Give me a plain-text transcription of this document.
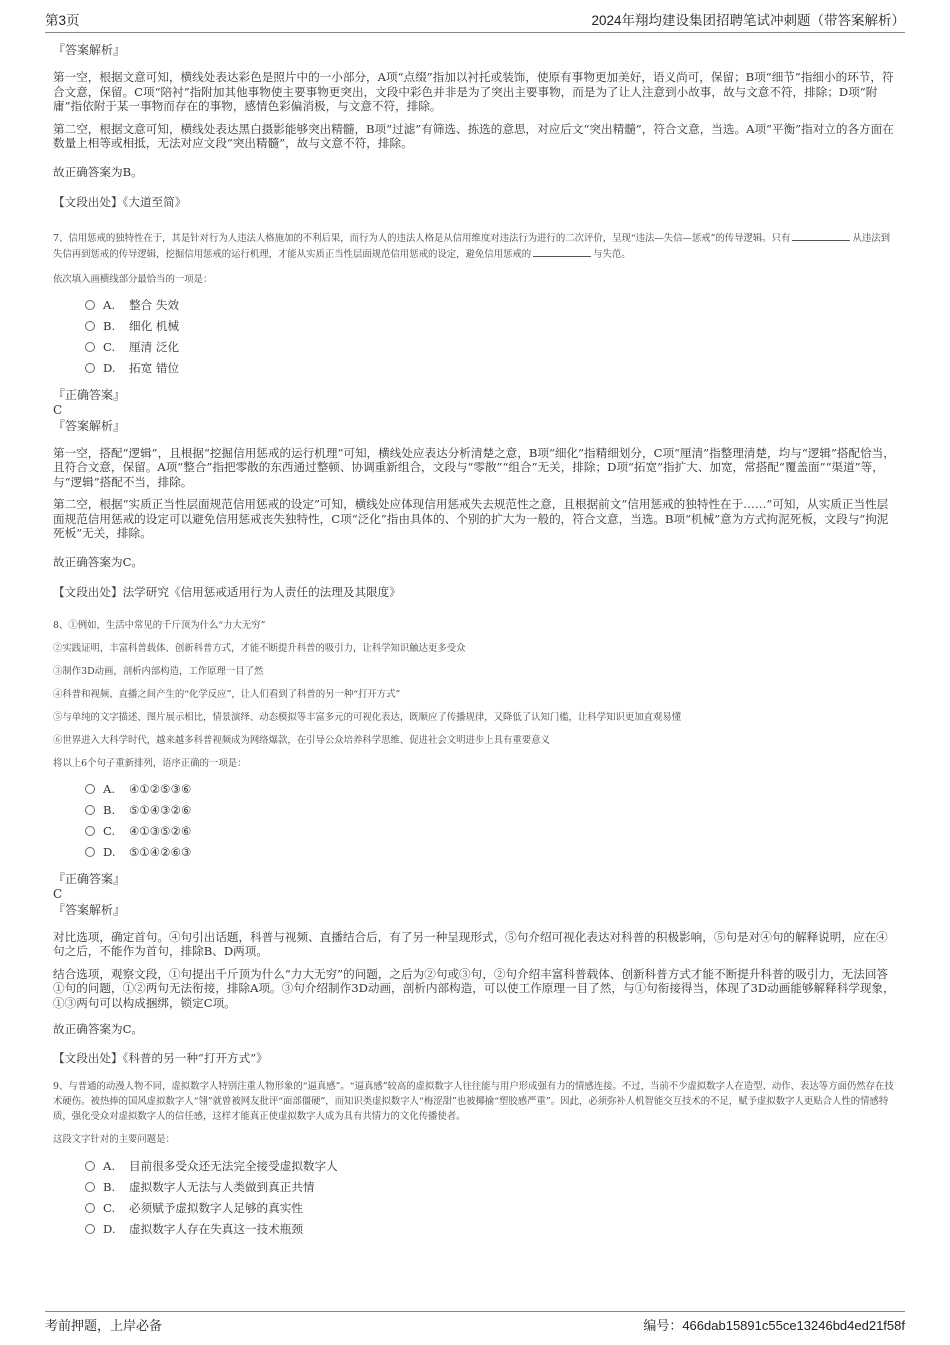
第3页	2024年翔均建设集团招聘笔试冲刺题（带答案解析）

『答案解析』

第一空，根据文意可知，横线处表达彩色是照片中的一小部分，A项“点缀”指加以衬托或装饰，使原有事物更加美好，语义尚可，保留；B项“细节”指细小的环节，符合文意，保留。C项“陪衬”指附加其他事物使主要事物更突出，文段中彩色并非是为了突出主要事物，而是为了让人注意到小故事，故与文意不符，排除；D项“附庸”指依附于某一事物而存在的事物，感情色彩偏消极，与文意不符，排除。

第二空，根据文意可知，横线处表达黑白摄影能够突出精髓，B项“过滤”有筛选、拣选的意思，对应后文“突出精髓”，符合文意，当选。A项“平衡”指对立的各方面在数量上相等或相抵，无法对应文段“突出精髓”，故与文意不符，排除。

故正确答案为B。

【文段出处】《大道至简》

7、信用惩戒的独特性在于，其是针对行为人违法人格施加的不利后果，而行为人的违法人格是从信用维度对违法行为进行的二次评价，呈现“违法—失信—惩戒”的传导逻辑。只有	从违法到失信再到惩戒的传导逻辑，挖掘信用惩戒的运行机理，才能从实质正当性层面规范信用惩戒的设定，避免信用惩戒的	与失范。

依次填入画横线部分最恰当的一项是：

A.	整合 失效
B.	细化 机械
C.	厘清 泛化
D.	拓宽 错位

『正确答案』

C

『答案解析』

第一空，搭配“逻辑”，且根据“挖掘信用惩戒的运行机理”可知，横线处应表达分析清楚之意，B项“细化”指精细划分，C项“厘清”指整理清楚，均与“逻辑”搭配恰当，且符合文意，保留。A项“整合”指把零散的东西通过整顿、协调重新组合，文段与“零散”“组合”无关，排除；D项“拓宽”指扩大、加宽，常搭配“覆盖面”“渠道”等，与“逻辑”搭配不当，排除。

第二空，根据“实质正当性层面规范信用惩戒的设定”可知，横线处应体现信用惩戒失去规范性之意，且根据前文“信用惩戒的独特性在于……”可知，从实质正当性层面规范信用惩戒的设定可以避免信用惩戒丧失独特性，C项“泛化”指由具体的、个别的扩大为一般的，符合文意，当选。B项“机械”意为方式拘泥死板，文段与“拘泥死板”无关，排除。

故正确答案为C。

【文段出处】法学研究《信用惩戒适用行为人责任的法理及其限度》

8、①例如，生活中常见的千斤顶为什么“力大无穷”

②实践证明，丰富科普载体、创新科普方式，才能不断提升科普的吸引力，让科学知识触达更多受众

③制作3D动画，剖析内部构造，工作原理一目了然

④科普和视频、直播之间产生的“化学反应”，让人们看到了科普的另一种“打开方式”

⑤与单纯的文字描述、图片展示相比，情景演绎、动态模拟等丰富多元的可视化表达，既顺应了传播规律，又降低了认知门槛，让科学知识更加直观易懂

⑥世界进入大科学时代，越来越多科普视频成为网络爆款，在引导公众培养科学思维、促进社会文明进步上具有重要意义

将以上6个句子重新排列，语序正确的一项是：

A.	④①②⑤③⑥
B.	⑤①④③②⑥
C.	④①③⑤②⑥
D.	⑤①④②⑥③

『正确答案』

C

『答案解析』

对比选项，确定首句。④句引出话题，科普与视频、直播结合后，有了另一种呈现形式，⑤句介绍可视化表达对科普的积极影响，⑤句是对④句的解释说明，应在④句之后，不能作为首句，排除B、D两项。

结合选项，观察文段，①句提出千斤顶为什么“力大无穷”的问题，之后为②句或③句，②句介绍丰富科普载体、创新科普方式才能不断提升科普的吸引力，无法回答①句的问题，①②两句无法衔接，排除A项。③句介绍制作3D动画，剖析内部构造，可以使工作原理一目了然，与①句衔接得当，体现了3D动画能够解释科学现象，①③两句可以构成捆绑，锁定C项。

故正确答案为C。

【文段出处】《科普的另一种“打开方式”》

9、与普通的动漫人物不同，虚拟数字人特别注重人物形象的“逼真感”。“逼真感”较高的虚拟数字人往往能与用户形成强有力的情感连接。不过，当前不少虚拟数字人在造型、动作、表达等方面仍然存在技术硬伤。被热捧的国风虚拟数字人“翎”就曾被网友批评“面部僵硬”，而知识类虚拟数字人“梅涩甜”也被揶揄“塑胶感严重”。因此，必须弥补人机智能交互技术的不足，赋予虚拟数字人更贴合人性的情感特质，强化受众对虚拟数字人的信任感，这样才能真正使虚拟数字人成为具有共情力的文化传播使者。

这段文字针对的主要问题是：

A.	目前很多受众还无法完全接受虚拟数字人
B.	虚拟数字人无法与人类做到真正共情
C.	必须赋予虚拟数字人足够的真实性
D.	虚拟数字人存在失真这一技术瓶颈
考前押题，上岸必备	编号：466dab15891c55ce13246bd4ed21f58f
